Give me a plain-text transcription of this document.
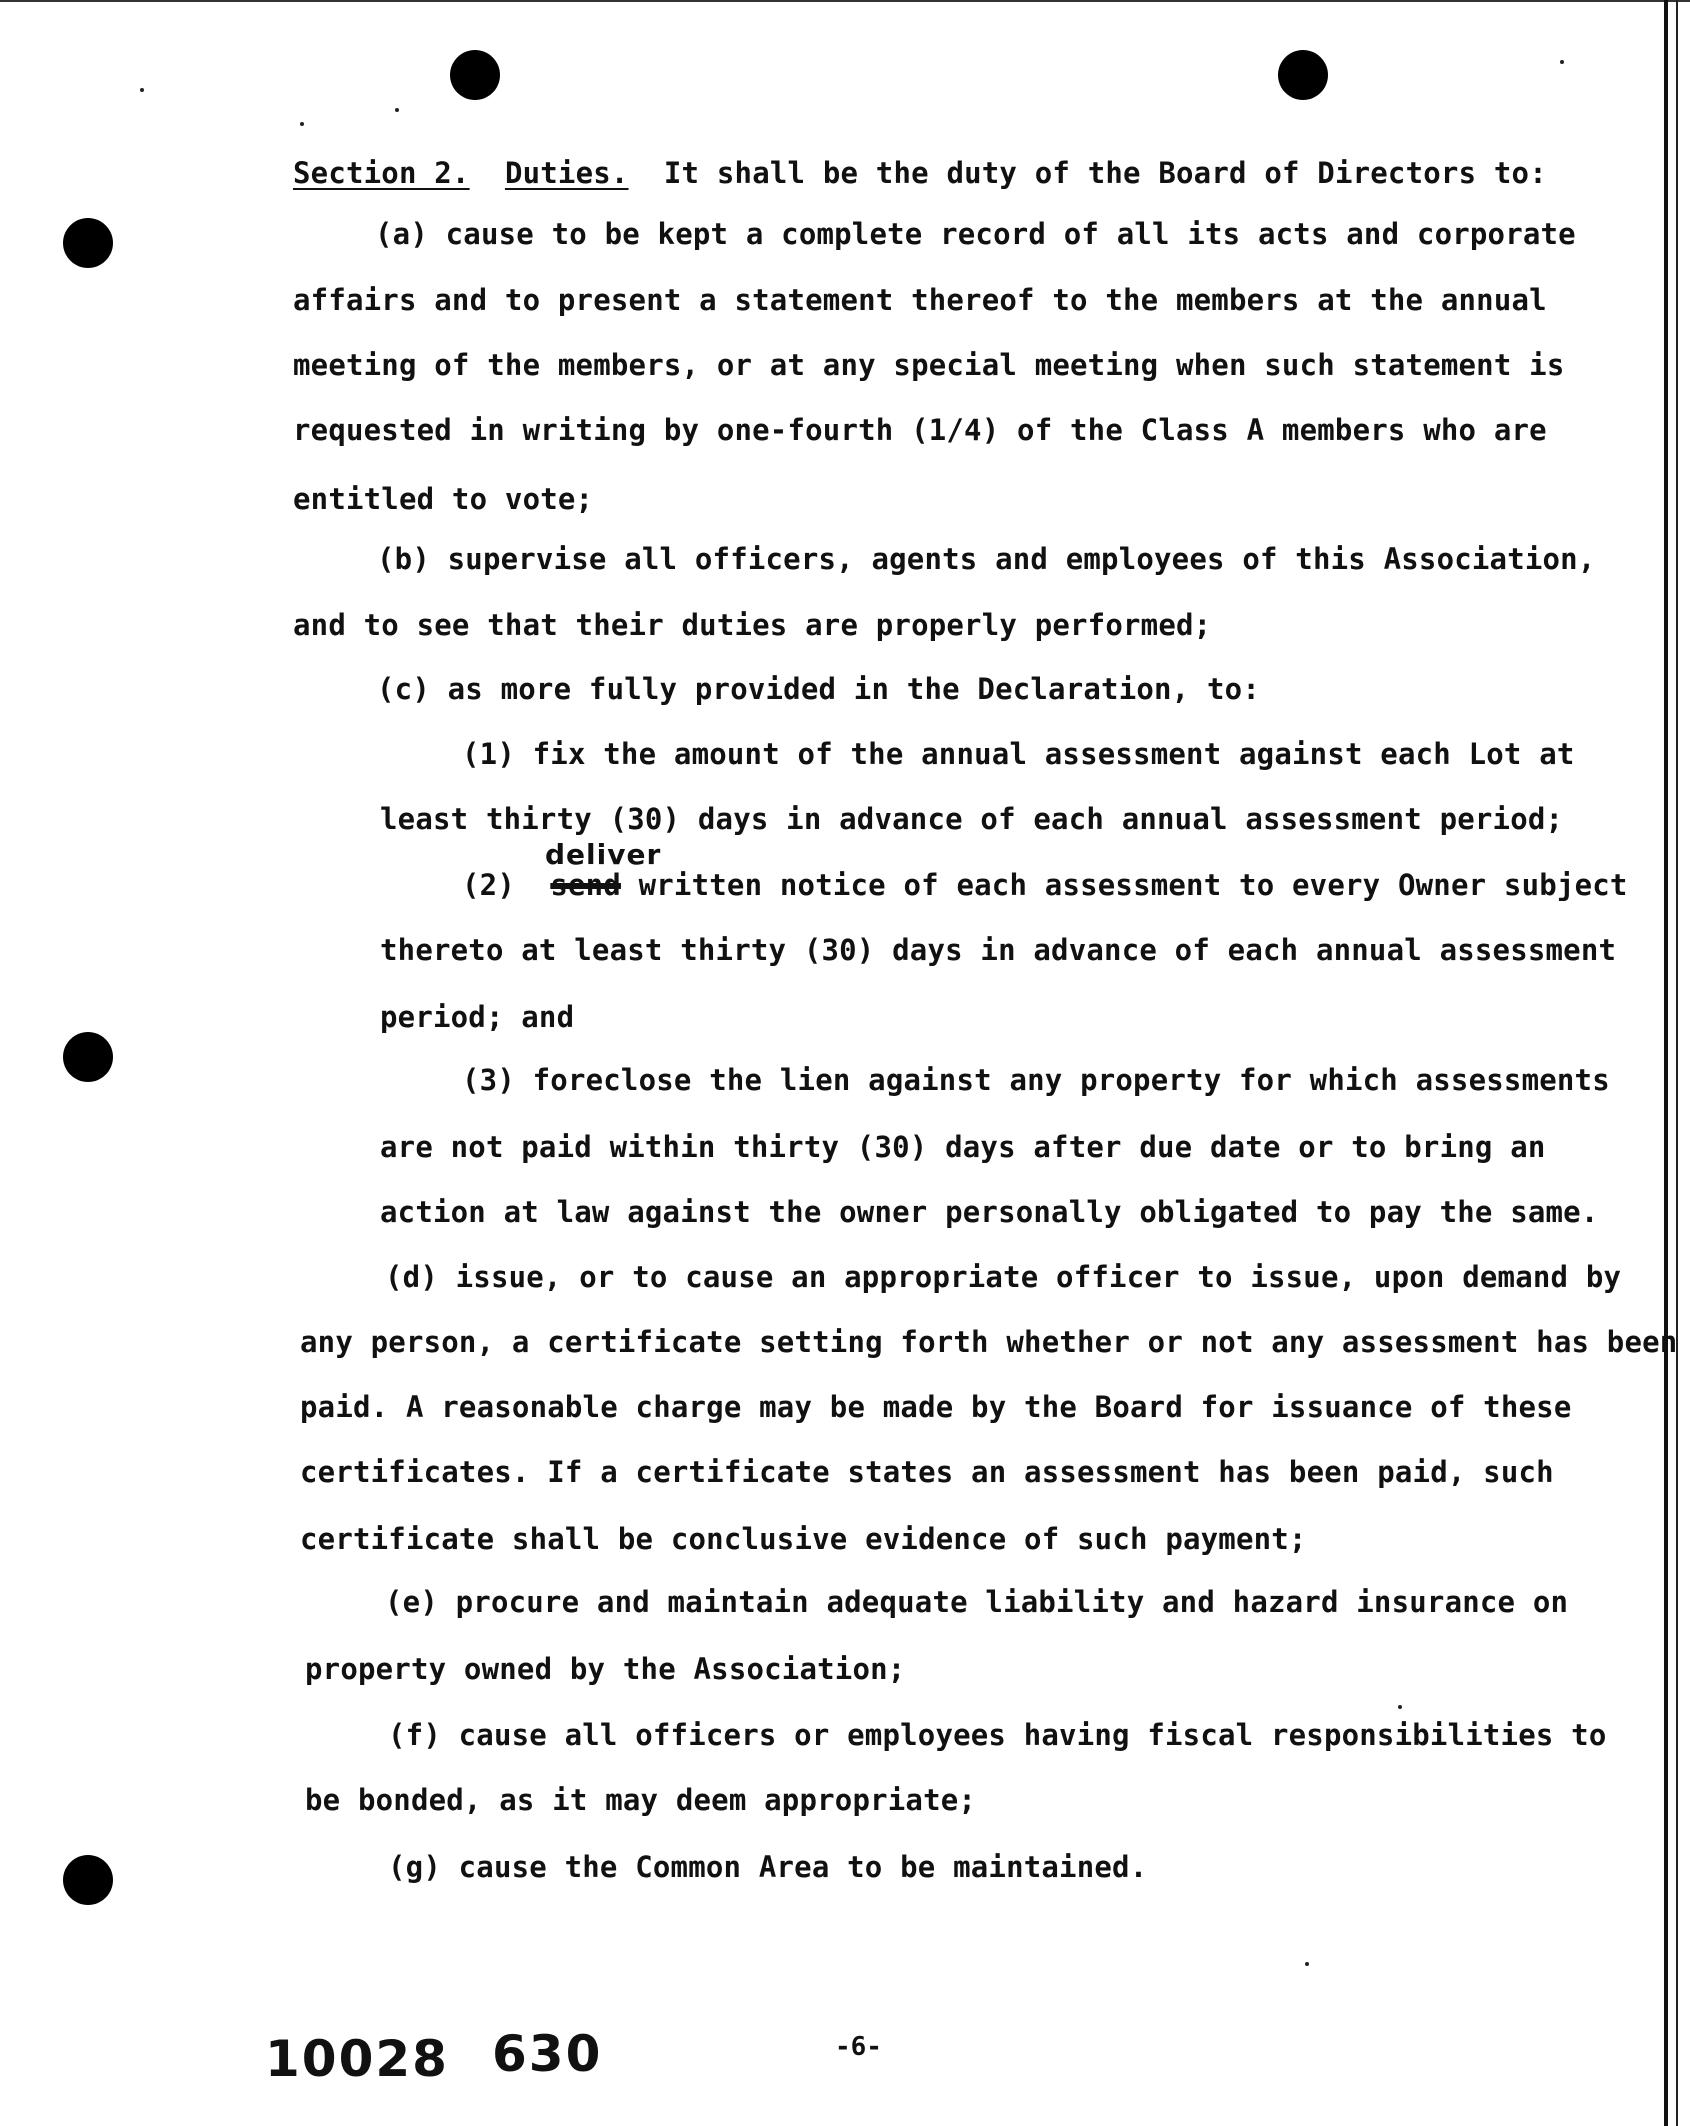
Section 2. Duties. It shall be the duty of the Board of Directors to:
(a) cause to be kept a complete record of all its acts and corporate
affairs and to present a statement thereof to the members at the annual
meeting of the members, or at any special meeting when such statement is
requested in writing by one-fourth (1/4) of the Class A members who are
entitled to vote;
(b) supervise all officers, agents and employees of this Association,
and to see that their duties are properly performed;
(c) as more fully provided in the Declaration, to:
(1) fix the amount of the annual assessment against each Lot at
least thirty (30) days in advance of each annual assessment period;
deliver
(2) send written notice of each assessment to every Owner subject
thereto at least thirty (30) days in advance of each annual assessment
period; and
(3) foreclose the lien against any property for which assessments
are not paid within thirty (30) days after due date or to bring an
action at law against the owner personally obligated to pay the same.
(d) issue, or to cause an appropriate officer to issue, upon demand by
any person, a certificate setting forth whether or not any assessment has been
paid. A reasonable charge may be made by the Board for issuance of these
certificates. If a certificate states an assessment has been paid, such
certificate shall be conclusive evidence of such payment;
(e) procure and maintain adequate liability and hazard insurance on
property owned by the Association;
(f) cause all officers or employees having fiscal responsibilities to
be bonded, as it may deem appropriate;
(g) cause the Common Area to be maintained.
10028 630	-6-
